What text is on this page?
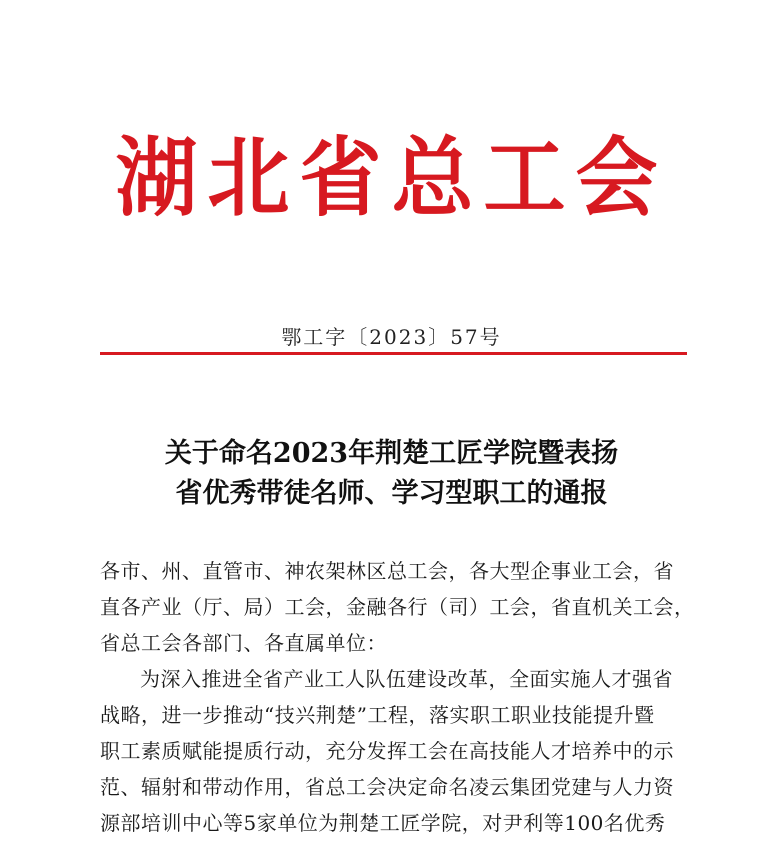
湖北省总工会
鄂工字〔2023〕57号
关于命名2023年荆楚工匠学院暨表扬
省优秀带徒名师、学习型职工的通报
各市、州、直管市、神农架林区总工会，各大型企事业工会，省
直各产业（厅、局）工会，金融各行（司）工会，省直机关工会，
省总工会各部门、各直属单位：
为深入推进全省产业工人队伍建设改革，全面实施人才强省
战略，进一步推动“技兴荆楚”工程，落实职工职业技能提升暨
职工素质赋能提质行动，充分发挥工会在高技能人才培养中的示
范、辐射和带动作用，省总工会决定命名凌云集团党建与人力资
源部培训中心等5家单位为荆楚工匠学院，对尹利等100名优秀
